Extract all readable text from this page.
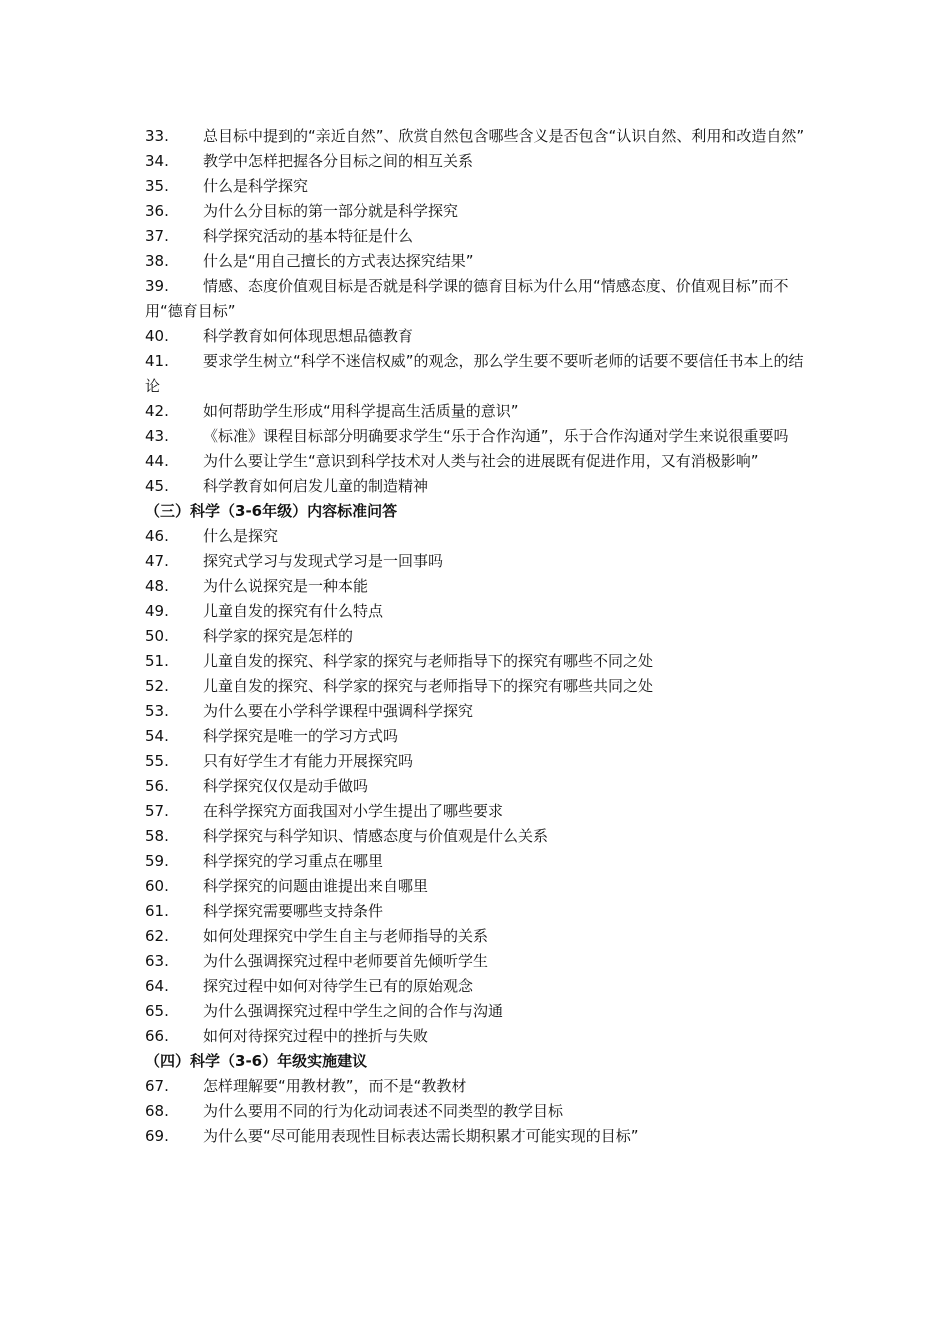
33. 总目标中提到的“亲近自然”、欣赏自然包含哪些含义是否包含“认识自然、利用和改造自然”

34. 教学中怎样把握各分目标之间的相互关系

35. 什么是科学探究

36. 为什么分目标的第一部分就是科学探究

37. 科学探究活动的基本特征是什么

38. 什么是“用自己擅长的方式表达探究结果”

39. 情感、态度价值观目标是否就是科学课的德育目标为什么用“情感态度、价值观目标”而不用“德育目标”

40. 科学教育如何体现思想品德教育

41. 要求学生树立“科学不迷信权威”的观念，那么学生要不要听老师的话要不要信任书本上的结论

42. 如何帮助学生形成“用科学提高生活质量的意识”

43. 《标准》课程目标部分明确要求学生“乐于合作沟通”，乐于合作沟通对学生来说很重要吗

44. 为什么要让学生“意识到科学技术对人类与社会的进展既有促进作用，又有消极影响”

45. 科学教育如何启发儿童的制造精神

（三）科学（3-6年级）内容标准问答

46. 什么是探究

47. 探究式学习与发现式学习是一回事吗

48. 为什么说探究是一种本能

49. 儿童自发的探究有什么特点

50. 科学家的探究是怎样的

51. 儿童自发的探究、科学家的探究与老师指导下的探究有哪些不同之处

52. 儿童自发的探究、科学家的探究与老师指导下的探究有哪些共同之处

53. 为什么要在小学科学课程中强调科学探究

54. 科学探究是唯一的学习方式吗

55. 只有好学生才有能力开展探究吗

56. 科学探究仅仅是动手做吗

57. 在科学探究方面我国对小学生提出了哪些要求

58. 科学探究与科学知识、情感态度与价值观是什么关系

59. 科学探究的学习重点在哪里

60. 科学探究的问题由谁提出来自哪里

61. 科学探究需要哪些支持条件

62. 如何处理探究中学生自主与老师指导的关系

63. 为什么强调探究过程中老师要首先倾听学生

64. 探究过程中如何对待学生已有的原始观念

65. 为什么强调探究过程中学生之间的合作与沟通

66. 如何对待探究过程中的挫折与失败

（四）科学（3-6）年级实施建议

67. 怎样理解要“用教材教”，而不是“教教材

68. 为什么要用不同的行为化动词表述不同类型的教学目标

69. 为什么要“尽可能用表现性目标表达需长期积累才可能实现的目标”
